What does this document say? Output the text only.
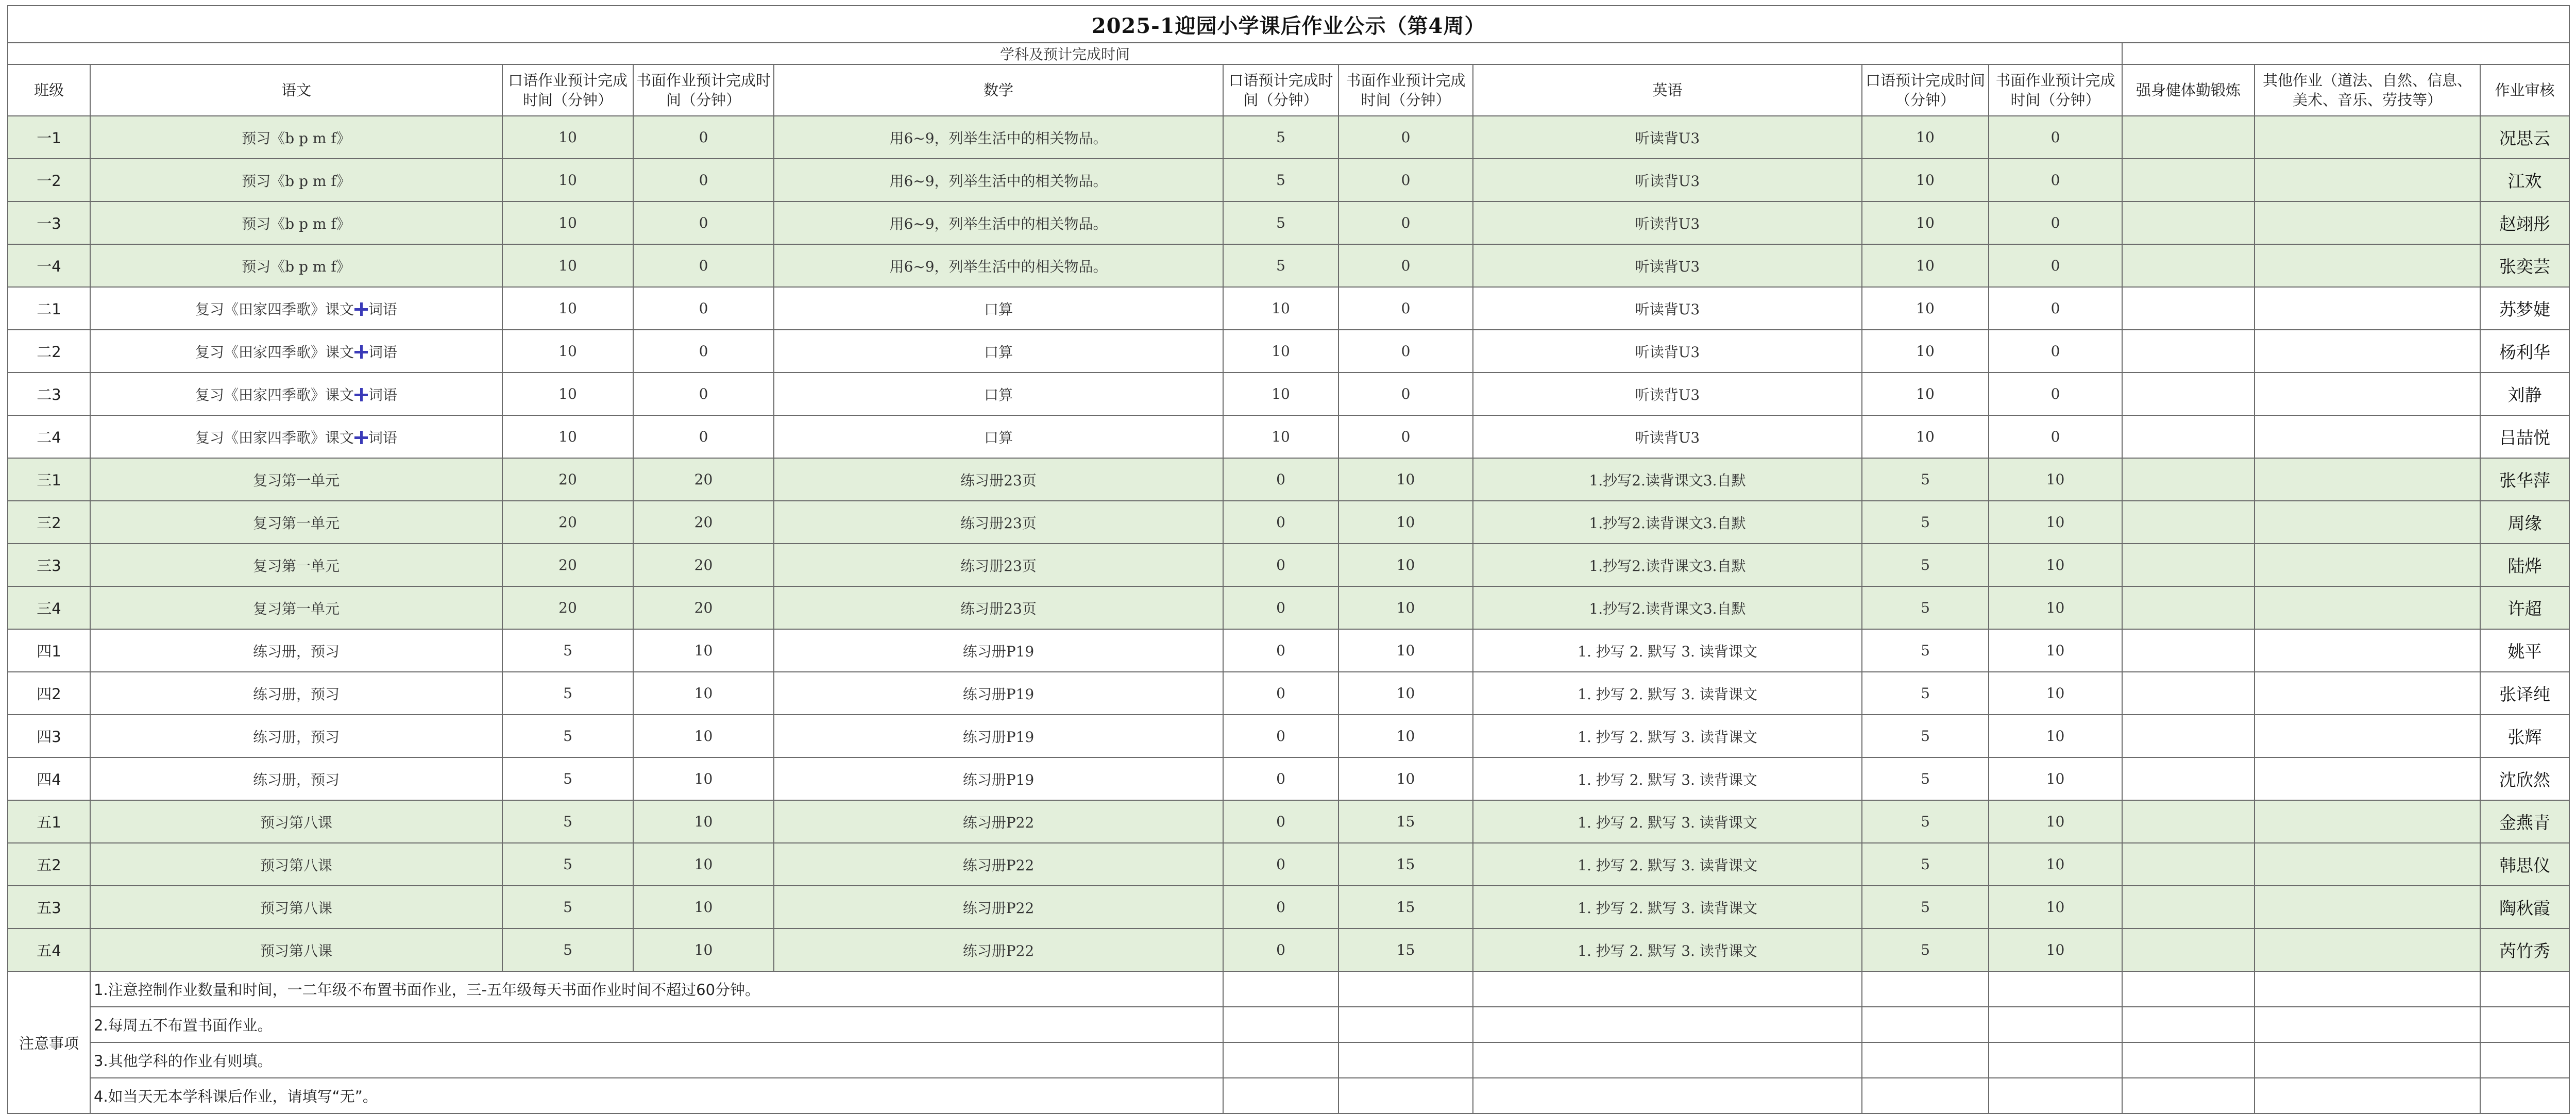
2025-1迎园小学课后作业公示（第4周）												
学科及预计完成时间												
班级	语文	口语作业预计完成时间（分钟）	书面作业预计完成时间（分钟）	数学	口语预计完成时间（分钟）	书面作业预计完成时间（分钟）	英语	口语预计完成时间（分钟）	书面作业预计完成时间（分钟）	强身健体勤锻炼	其他作业（道法、自然、信息、美术、音乐、劳技等）	作业审核
一1	预习《b p m f》	10	0	用6~9，列举生活中的相关物品。	5	0	听读背U3	10	0			况思云
一2	预习《b p m f》	10	0	用6~9，列举生活中的相关物品。	5	0	听读背U3	10	0			江欢
一3	预习《b p m f》	10	0	用6~9，列举生活中的相关物品。	5	0	听读背U3	10	0			赵翊彤
一4	预习《b p m f》	10	0	用6~9，列举生活中的相关物品。	5	0	听读背U3	10	0			张奕芸
二1	复习《田家四季歌》课文 词语	10	0	口算	10	0	听读背U3	10	0			苏梦婕
二2	复习《田家四季歌》课文 词语	10	0	口算	10	0	听读背U3	10	0			杨利华
二3	复习《田家四季歌》课文 词语	10	0	口算	10	0	听读背U3	10	0			刘静
二4	复习《田家四季歌》课文 词语	10	0	口算	10	0	听读背U3	10	0			吕喆悦
三1	复习第一单元	20	20	练习册23页	0	10	1.抄写2.读背课文3.自默	5	10			张华萍
三2	复习第一单元	20	20	练习册23页	0	10	1.抄写2.读背课文3.自默	5	10			周缘
三3	复习第一单元	20	20	练习册23页	0	10	1.抄写2.读背课文3.自默	5	10			陆烨
三4	复习第一单元	20	20	练习册23页	0	10	1.抄写2.读背课文3.自默	5	10			许超
四1	练习册，预习	5	10	练习册P19	0	10	1. 抄写 2. 默写 3. 读背课文	5	10			姚平
四2	练习册，预习	5	10	练习册P19	0	10	1. 抄写 2. 默写 3. 读背课文	5	10			张译纯
四3	练习册，预习	5	10	练习册P19	0	10	1. 抄写 2. 默写 3. 读背课文	5	10			张辉
四4	练习册，预习	5	10	练习册P19	0	10	1. 抄写 2. 默写 3. 读背课文	5	10			沈欣然
五1	预习第八课	5	10	练习册P22	0	15	1. 抄写 2. 默写 3. 读背课文	5	10			金燕青
五2	预习第八课	5	10	练习册P22	0	15	1. 抄写 2. 默写 3. 读背课文	5	10			韩思仪
五3	预习第八课	5	10	练习册P22	0	15	1. 抄写 2. 默写 3. 读背课文	5	10			陶秋霞
五4	预习第八课	5	10	练习册P22	0	15	1. 抄写 2. 默写 3. 读背课文	5	10			芮竹秀
注意事项	1.注意控制作业数量和时间，一二年级不布置书面作业，三-五年级每天书面作业时间不超过60分钟。											
	2.每周五不布置书面作业。											
	3.其他学科的作业有则填。											
	4.如当天无本学科课后作业，请填写“无”。											
